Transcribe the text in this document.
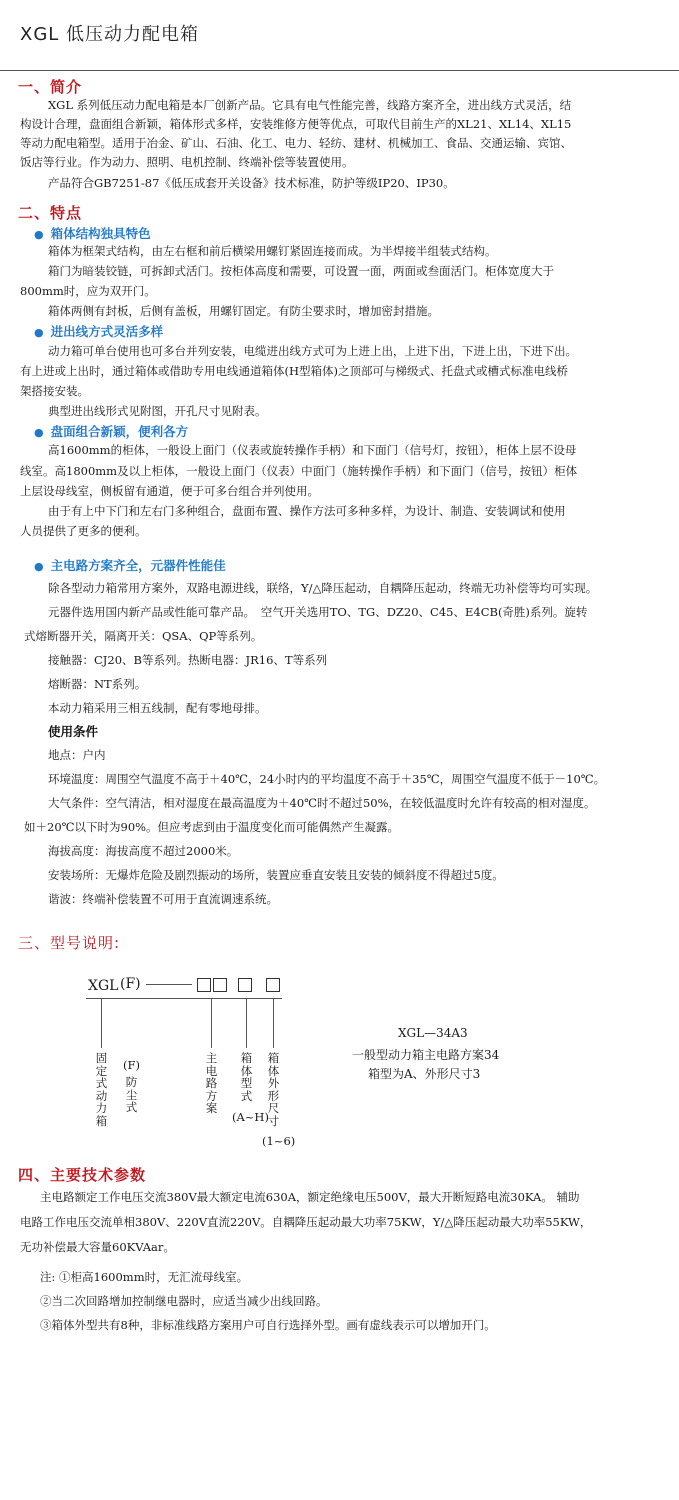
XGL 低压动力配电箱
一、简介
XGL 系列低压动力配电箱是本厂创新产品。它具有电气性能完善，线路方案齐全，进出线方式灵活，结
构设计合理，盘面组合新颖，箱体形式多样，安装维修方便等优点，可取代目前生产的XL21、XL14、XL15
等动力配电箱型。适用于冶金、矿山、石油、化工、电力、轻纺、建材、机械加工、食品、交通运输、宾馆、
饭店等行业。作为动力、照明、电机控制、终端补偿等装置使用。
产品符合GB7251-87《低压成套开关设备》技术标准，防护等级IP20、IP30。
二、特点
● 箱体结构独具特色
箱体为框架式结构，由左右框和前后横梁用螺钉紧固连接而成。为半焊接半组装式结构。
箱门为暗装铰链，可拆卸式活门。按柜体高度和需要，可设置一面，两面或叁面活门。柜体宽度大于
800mm时，应为双开门。
箱体两侧有封板，后侧有盖板，用螺钉固定。有防尘要求时，增加密封措施。
● 进出线方式灵活多样
动力箱可单台使用也可多台并列安装，电缆进出线方式可为上进上出，上进下出，下进上出，下进下出。
有上进或上出时，通过箱体或借助专用电线通道箱体(H型箱体)之顶部可与梯级式、托盘式或槽式标准电线桥
架搭接安装。
典型进出线形式见附图，开孔尺寸见附表。
● 盘面组合新颖，便利各方
高1600mm的柜体，一般设上面门（仪表或旋转操作手柄）和下面门（信号灯，按钮），柜体上层不设母
线室。高1800mm及以上柜体，一般设上面门（仪表）中面门（施转操作手柄）和下面门（信号，按钮）柜体
上层设母线室，侧板留有通道，便于可多台组合并列使用。
由于有上中下门和左右门多种组合，盘面布置、操作方法可多种多样，为设计、制造、安装调试和使用
人员提供了更多的便利。
● 主电路方案齐全，元器件性能佳
除各型动力箱常用方案外，双路电源进线，联络，Y/△降压起动，自耦降压起动，终端无功补偿等均可实现。
元器件选用国内新产品或性能可靠产品。　空气开关选用TO、TG、DZ20、C45、E4CB(奇胜)系列。旋转
式熔断器开关，隔离开关：QSA、QP等系列。
接触器：CJ20、B等系列。热断电器：JR16、T等系列
熔断器：NT系列。
本动力箱采用三相五线制，配有零地母排。
使用条件
地点：户内
环境温度：周围空气温度不高于＋40℃，24小时内的平均温度不高于＋35℃，周围空气温度不低于－10℃。
大气条件：空气清洁，相对湿度在最高温度为＋40℃时不超过50%，在较低温度时允许有较高的相对湿度。
如＋20℃以下时为90%。但应考虑到由于温度变化而可能偶然产生凝露。
海拔高度：海拔高度不超过2000米。
安装场所：无爆炸危险及剧烈振动的场所，装置应垂直安装且安装的倾斜度不得超过5度。
谐波：终端补偿装置不可用于直流调速系统。
三、型号说明:
XGL (F)
固定式动力箱
(F)
防尘式
主电路方案
箱体型式
(A~H)
箱体外形尺寸
(1~6)
XGL—34A3
一般型动力箱主电路方案34
箱型为A、外形尺寸3
四、主要技术参数
主电路额定工作电压交流380V最大额定电流630A，额定绝缘电压500V，最大开断短路电流30KA。 辅助
电路工作电压交流单相380V、220V直流220V。自耦降压起动最大功率75KW，Y/△降压起动最大功率55KW，
无功补偿最大容量60KVAar。
注: ①柜高1600mm时，无汇流母线室。
②当二次回路增加控制继电器时，应适当减少出线回路。
③箱体外型共有8种，非标准线路方案用户可自行选择外型。画有虚线表示可以增加开门。
